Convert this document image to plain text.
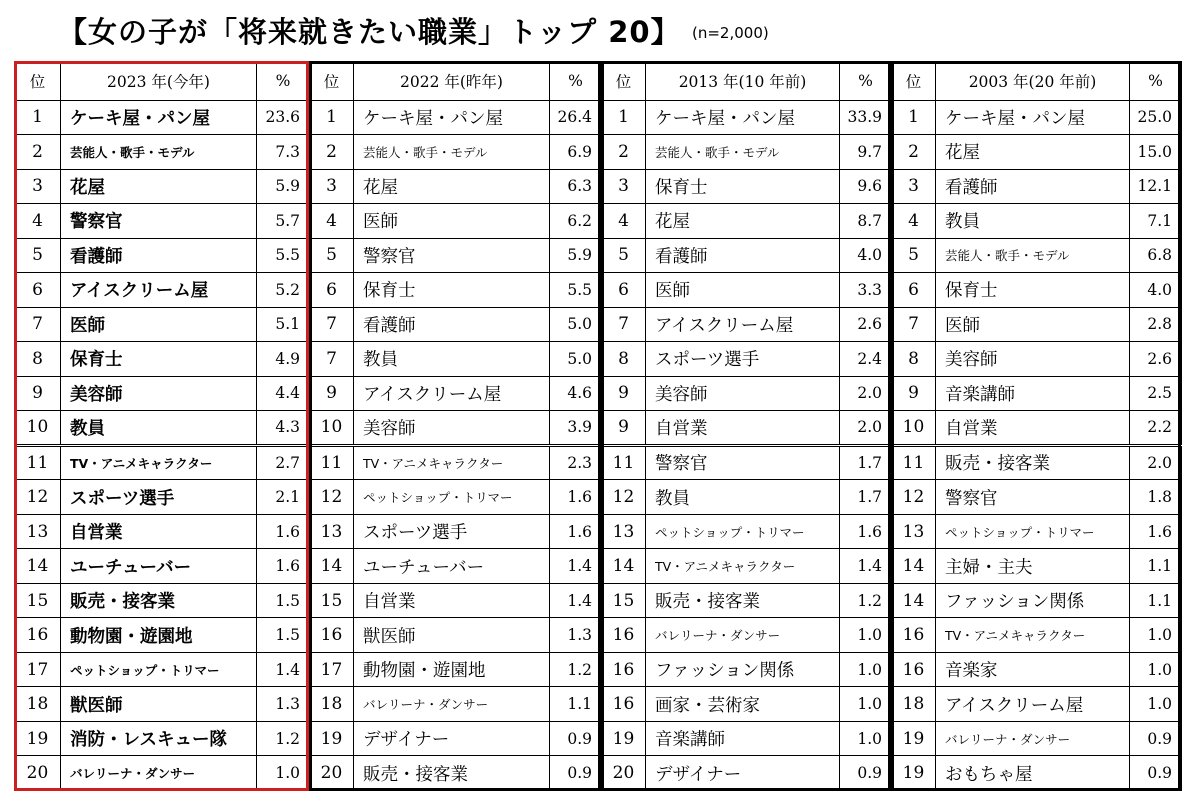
【女の子が「将来就きたい職業」トップ 20】 (n=2,000)
位	2023 年(今年)	%
1	ケーキ屋・パン屋	23.6
2	芸能人・歌手・モデル	7.3
3	花屋	5.9
4	警察官	5.7
5	看護師	5.5
6	アイスクリーム屋	5.2
7	医師	5.1
8	保育士	4.9
9	美容師	4.4
10	教員	4.3
11	TV・アニメキャラクター	2.7
12	スポーツ選手	2.1
13	自営業	1.6
14	ユーチューバー	1.6
15	販売・接客業	1.5
16	動物園・遊園地	1.5
17	ペットショップ・トリマー	1.4
18	獣医師	1.3
19	消防・レスキュー隊	1.2
20	バレリーナ・ダンサー	1.0
位	2022 年(昨年)	%
1	ケーキ屋・パン屋	26.4
2	芸能人・歌手・モデル	6.9
3	花屋	6.3
4	医師	6.2
5	警察官	5.9
6	保育士	5.5
7	看護師	5.0
7	教員	5.0
9	アイスクリーム屋	4.6
10	美容師	3.9
11	TV・アニメキャラクター	2.3
12	ペットショップ・トリマー	1.6
13	スポーツ選手	1.6
14	ユーチューバー	1.4
15	自営業	1.4
16	獣医師	1.3
17	動物園・遊園地	1.2
18	バレリーナ・ダンサー	1.1
19	デザイナー	0.9
20	販売・接客業	0.9
位	2013 年(10 年前)	%
1	ケーキ屋・パン屋	33.9
2	芸能人・歌手・モデル	9.7
3	保育士	9.6
4	花屋	8.7
5	看護師	4.0
6	医師	3.3
7	アイスクリーム屋	2.6
8	スポーツ選手	2.4
9	美容師	2.0
9	自営業	2.0
11	警察官	1.7
12	教員	1.7
13	ペットショップ・トリマー	1.6
14	TV・アニメキャラクター	1.4
15	販売・接客業	1.2
16	バレリーナ・ダンサー	1.0
16	ファッション関係	1.0
16	画家・芸術家	1.0
19	音楽講師	1.0
20	デザイナー	0.9
位	2003 年(20 年前)	%
1	ケーキ屋・パン屋	25.0
2	花屋	15.0
3	看護師	12.1
4	教員	7.1
5	芸能人・歌手・モデル	6.8
6	保育士	4.0
7	医師	2.8
8	美容師	2.6
9	音楽講師	2.5
10	自営業	2.2
11	販売・接客業	2.0
12	警察官	1.8
13	ペットショップ・トリマー	1.6
14	主婦・主夫	1.1
14	ファッション関係	1.1
16	TV・アニメキャラクター	1.0
16	音楽家	1.0
18	アイスクリーム屋	1.0
19	バレリーナ・ダンサー	0.9
19	おもちゃ屋	0.9
